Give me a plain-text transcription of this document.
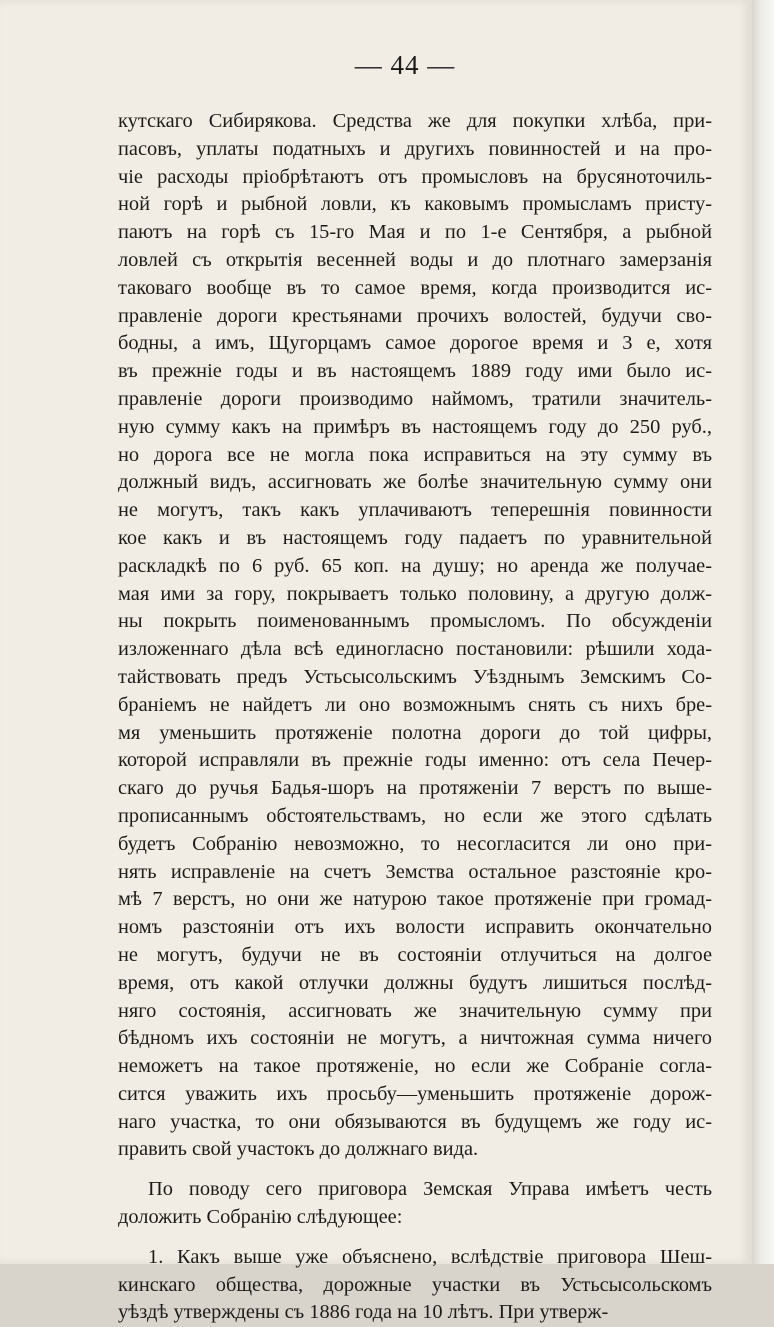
— 44 —
кутскаго Сибирякова. Средства же для покупки хлѣба, при-
пасовъ, уплаты податныхъ и другихъ повинностей и на про-
чіе расходы пріобрѣтаютъ отъ промысловъ на брусяноточиль-
ной горѣ и рыбной ловли, къ каковымъ промысламъ присту-
паютъ на горѣ съ 15-го Мая и по 1-е Сентября, а рыбной
ловлей съ открытія весенней воды и до плотнаго замерзанія
таковаго вообще въ то самое время, когда производится ис-
правленіе дороги крестьянами прочихъ волостей, будучи сво-
бодны, а имъ, Щугорцамъ самое дорогое время и 3 е, хотя
въ прежніе годы и въ настоящемъ 1889 году ими было ис-
правленіе дороги производимо наймомъ, тратили значитель-
ную сумму какъ на примѣръ въ настоящемъ году до 250 руб.,
но дорога все не могла пока исправиться на эту сумму въ
должный видъ, ассигновать же болѣе значительную сумму они
не могутъ, такъ какъ уплачиваютъ теперешнія повинности
кое какъ и въ настоящемъ году падаетъ по уравнительной
раскладкѣ по 6 руб. 65 коп. на душу; но аренда же получае-
мая ими за гору, покрываетъ только половину, а другую долж-
ны покрыть поименованнымъ промысломъ. По обсужденіи
изложеннаго дѣла всѣ единогласно постановили: рѣшили хода-
тайствовать предъ Устьсысольскимъ Уѣзднымъ Земскимъ Со-
браніемъ не найдетъ ли оно возможнымъ снять съ нихъ бре-
мя уменьшить протяженіе полотна дороги до той цифры,
которой исправляли въ прежніе годы именно: отъ села Печер-
скаго до ручья Бадья-шоръ на протяженіи 7 верстъ по выше-
прописаннымъ обстоятельствамъ, но если же этого сдѣлать
будетъ Собранію невозможно, то несогласится ли оно при-
нять исправленіе на счетъ Земства остальное разстояніе кро-
мѣ 7 верстъ, но они же натурою такое протяженіе при громад-
номъ разстояніи отъ ихъ волости исправить окончательно
не могутъ, будучи не въ состояніи отлучиться на долгое
время, отъ какой отлучки должны будутъ лишиться послѣд-
няго состоянія, ассигновать же значительную сумму при
бѣдномъ ихъ состояніи не могутъ, а ничтожная сумма ничего
неможетъ на такое протяженіе, но если же Собраніе согла-
сится уважить ихъ просьбу—уменьшить протяженіе дорож-
наго участка, то они обязываются въ будущемъ же году ис-
править свой участокъ до должнаго вида.
По поводу сего приговора Земская Управа имѣетъ честь
доложить Собранію слѣдующее:
1. Какъ выше уже объяснено, вслѣдствіе приговора Шеш-
кинскаго общества, дорожные участки въ Устьсысольскомъ
уѣздѣ утверждены съ 1886 года на 10 лѣтъ. При утверж-
